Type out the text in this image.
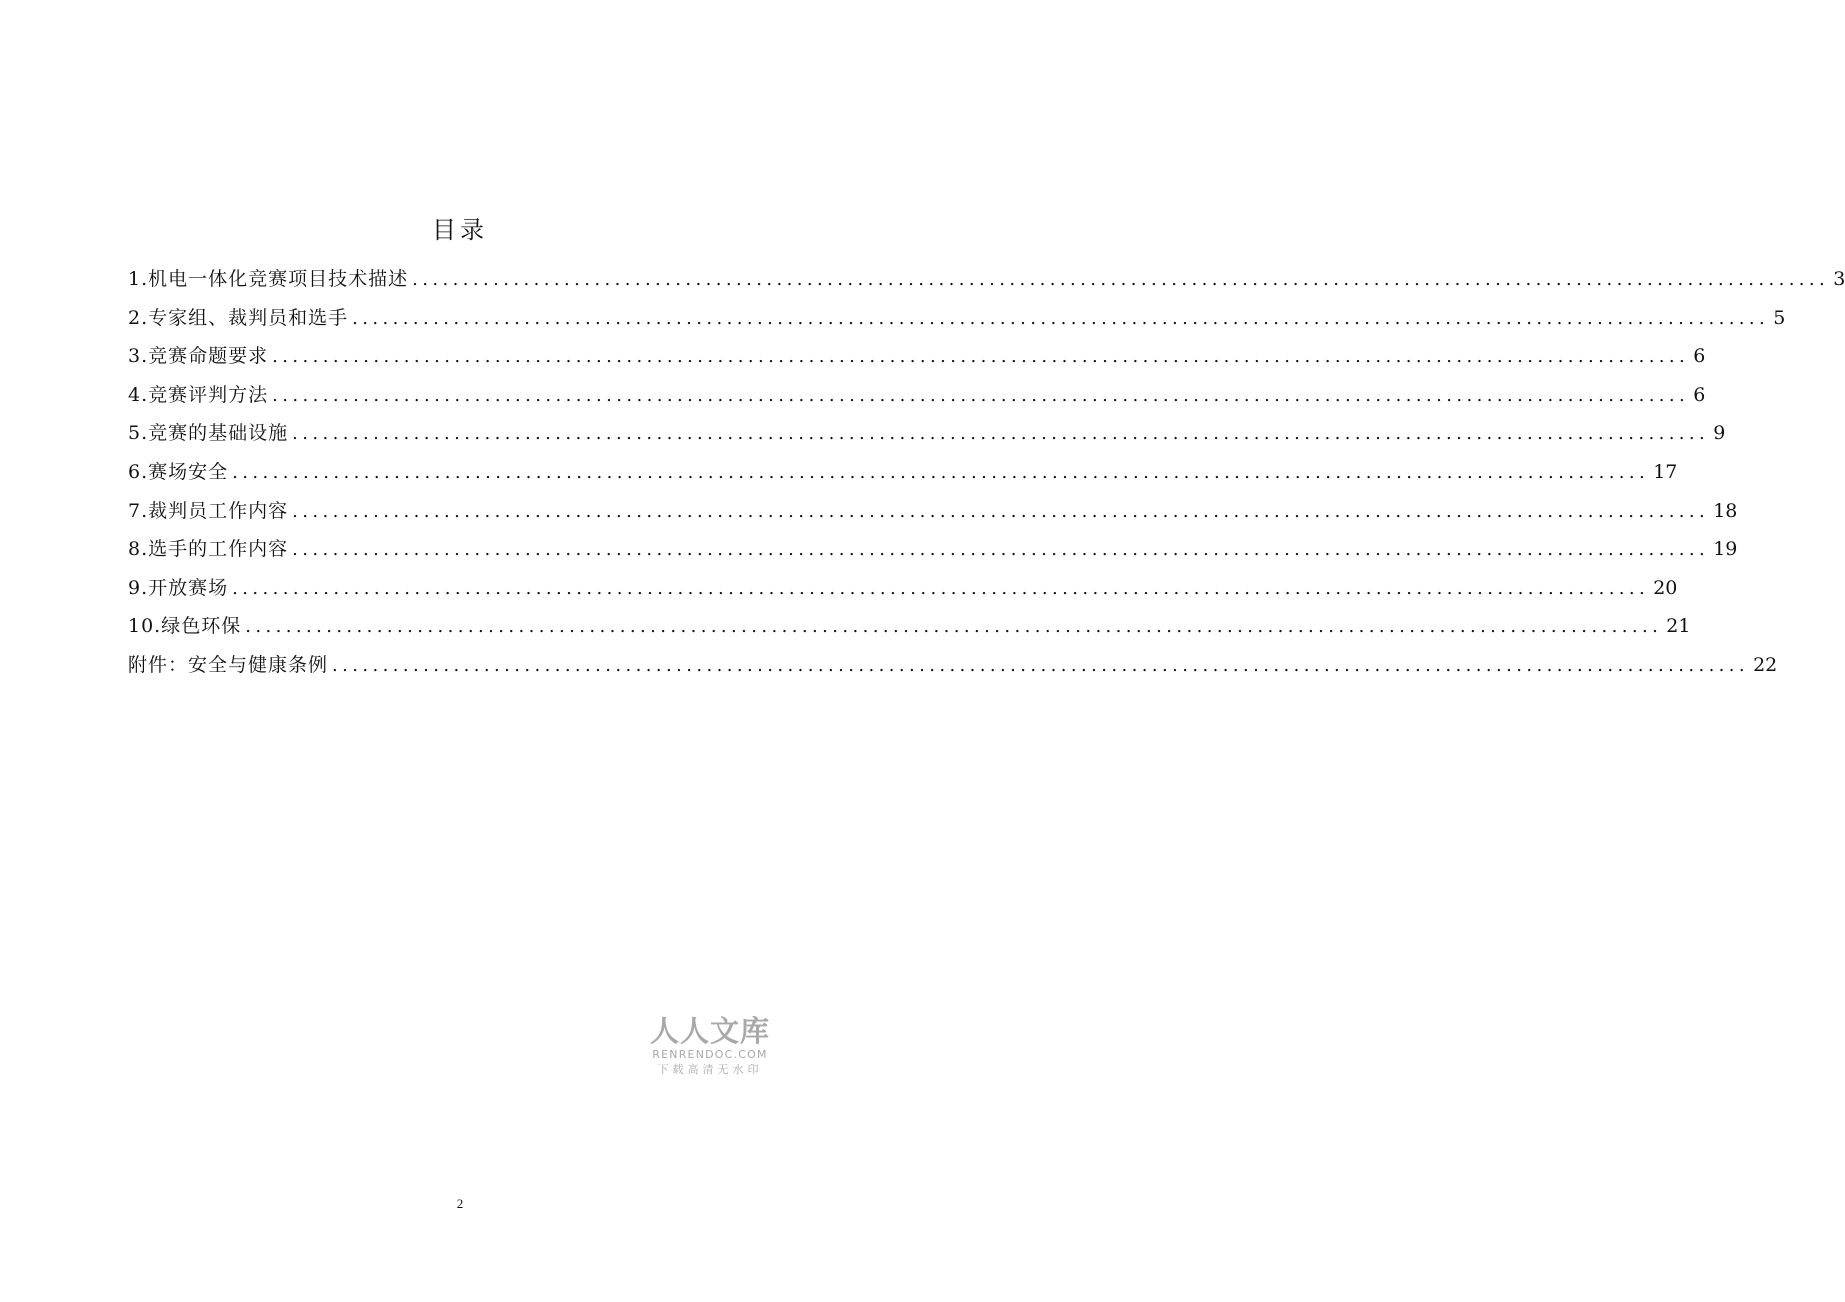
目录
1.机电一体化竞赛项目技术描述 ............................................................................................................................................ 3
2.专家组、裁判员和选手 ............................................................................................................................................ 5
3.竞赛命题要求 ............................................................................................................................................ 6
4.竞赛评判方法 ............................................................................................................................................ 6
5.竞赛的基础设施 ............................................................................................................................................ 9
6.赛场安全 ............................................................................................................................................ 17
7.裁判员工作内容 ............................................................................................................................................ 18
8.选手的工作内容 ............................................................................................................................................ 19
9.开放赛场 ............................................................................................................................................ 20
10.绿色环保 ............................................................................................................................................ 21
附件：安全与健康条例 ............................................................................................................................................ 22
人人文库
RENRENDOC.COM
下载高清无水印
2
